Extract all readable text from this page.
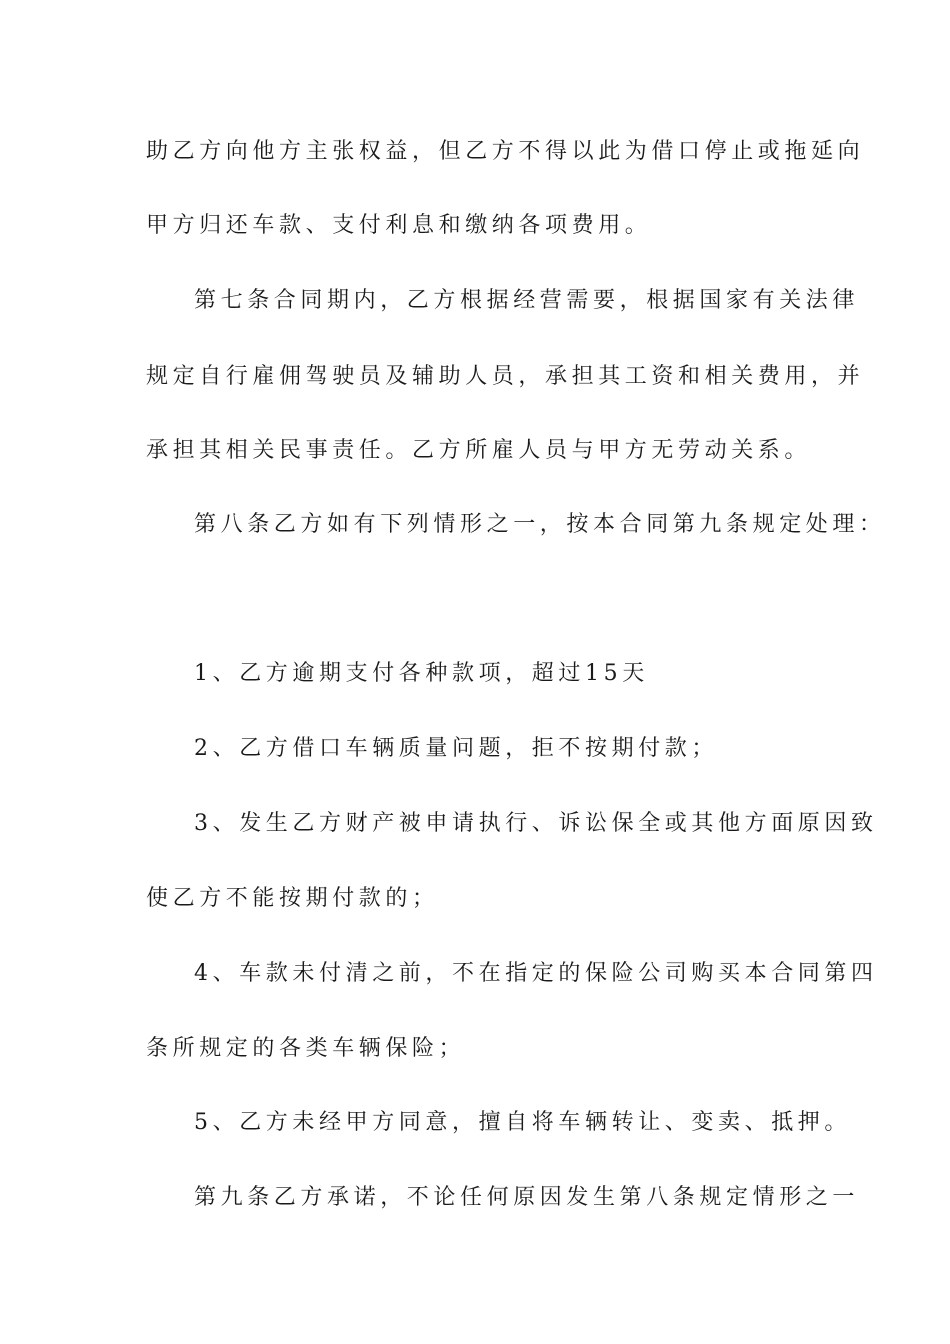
助乙方向他方主张权益，但乙方不得以此为借口停止或拖延向
甲方归还车款、支付利息和缴纳各项费用。
第七条合同期内，乙方根据经营需要，根据国家有关法律
规定自行雇佣驾驶员及辅助人员，承担其工资和相关费用，并
承担其相关民事责任。乙方所雇人员与甲方无劳动关系。
第八条乙方如有下列情形之一，按本合同第九条规定处理：
1、乙方逾期支付各种款项，超过15天
2、乙方借口车辆质量问题，拒不按期付款；
3、发生乙方财产被申请执行、诉讼保全或其他方面原因致
使乙方不能按期付款的；
4、车款未付清之前，不在指定的保险公司购买本合同第四
条所规定的各类车辆保险；
5、乙方未经甲方同意，擅自将车辆转让、变卖、抵押。
第九条乙方承诺，不论任何原因发生第八条规定情形之一
